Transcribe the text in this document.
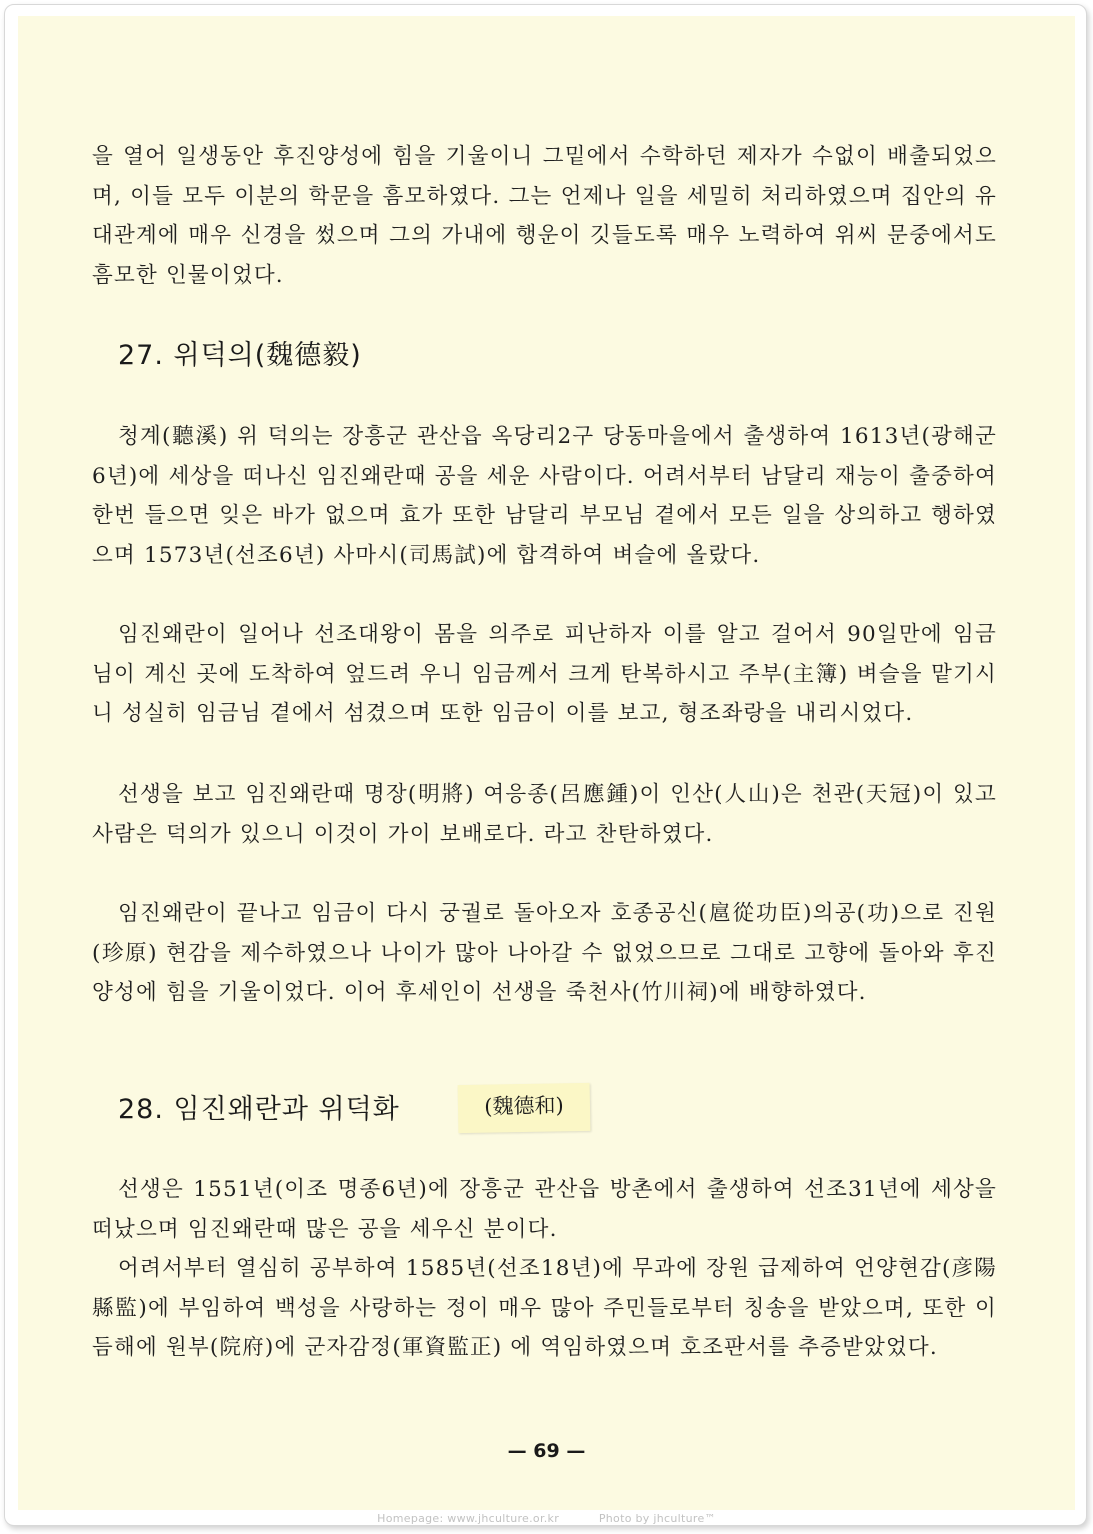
을 열어 일생동안 후진양성에 힘을 기울이니 그밑에서 수학하던 제자가 수없이 배출되었으며, 이들 모두 이분의 학문을 흠모하였다. 그는 언제나 일을 세밀히 처리하였으며 집안의 유대관계에 매우 신경을 썼으며 그의 가내에 행운이 깃들도록 매우 노력하여 위씨 문중에서도 흠모한 인물이었다.

27. 위덕의(魏德毅)

청계(聽溪) 위 덕의는 장흥군 관산읍 옥당리2구 당동마을에서 출생하여 1613년(광해군6년)에 세상을 떠나신 임진왜란때 공을 세운 사람이다. 어려서부터 남달리 재능이 출중하여 한번 들으면 잊은 바가 없으며 효가 또한 남달리 부모님 곁에서 모든 일을 상의하고 행하였으며 1573년(선조6년) 사마시(司馬試)에 합격하여 벼슬에 올랐다.

임진왜란이 일어나 선조대왕이 몸을 의주로 피난하자 이를 알고 걸어서 90일만에 임금님이 계신 곳에 도착하여 엎드려 우니 임금께서 크게 탄복하시고 주부(主簿) 벼슬을 맡기시니 성실히 임금님 곁에서 섬겼으며 또한 임금이 이를 보고, 형조좌랑을 내리시었다.

선생을 보고 임진왜란때 명장(明將) 여응종(呂應鍾)이 인산(人山)은 천관(天冠)이 있고 사람은 덕의가 있으니 이것이 가이 보배로다. 라고 찬탄하였다.

임진왜란이 끝나고 임금이 다시 궁궐로 돌아오자 호종공신(扈從功臣)의공(功)으로 진원(珍原) 현감을 제수하였으나 나이가 많아 나아갈 수 없었으므로 그대로 고향에 돌아와 후진양성에 힘을 기울이었다. 이어 후세인이 선생을 죽천사(竹川祠)에 배향하였다.

28. 임진왜란과 위덕화	(魏德和)

선생은 1551년(이조 명종6년)에 장흥군 관산읍 방촌에서 출생하여 선조31년에 세상을 떠났으며 임진왜란때 많은 공을 세우신 분이다.

어려서부터 열심히 공부하여 1585년(선조18년)에 무과에 장원 급제하여 언양현감(彦陽縣監)에 부임하여 백성을 사랑하는 정이 매우 많아 주민들로부터 칭송을 받았으며, 또한 이듬해에 원부(院府)에 군자감정(軍資監正) 에 역임하였으며 호조판서를 추증받았었다.

— 69 —

Homepage: www.jhculture.or.kr	Photo by jhculture™
